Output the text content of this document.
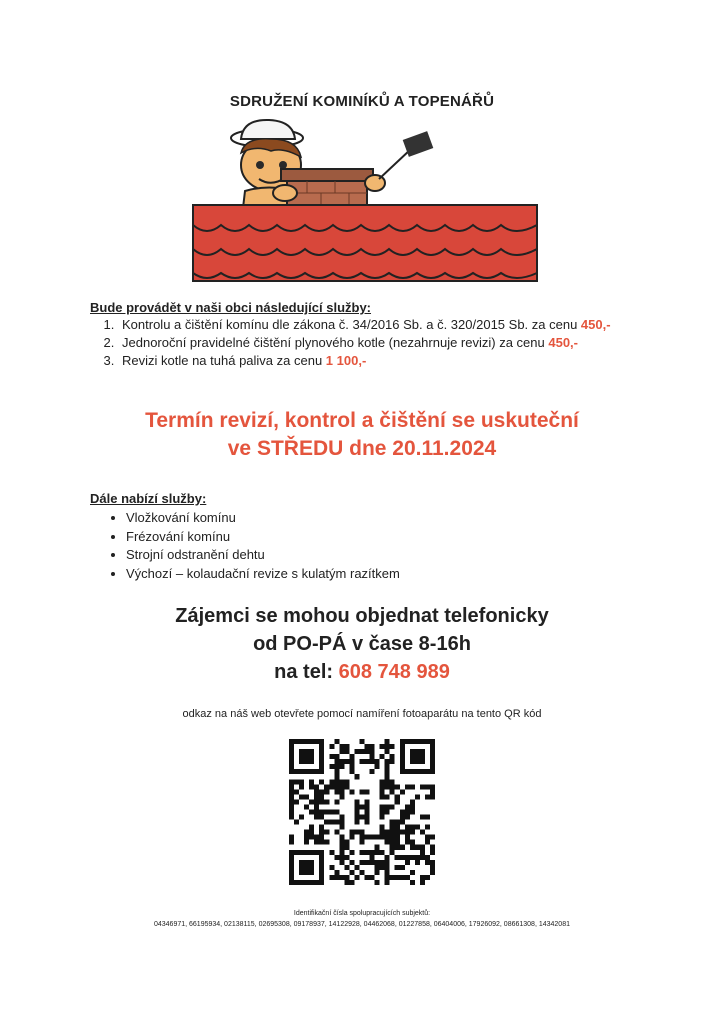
SDRUŽENÍ KOMINÍKŮ A TOPENÁŘŮ
Bude provádět v naši obci následující služby:
1. Kontrolu a čištění komínu dle zákona č. 34/2016 Sb. a č. 320/2015 Sb. za cenu 450,-
2. Jednoroční pravidelné čištění plynového kotle (nezahrnuje revizi) za cenu 450,-
3. Revizi kotle na tuhá paliva za cenu 1 100,-
Termín revizí, kontrol a čištění se uskuteční
ve STŘEDU dne 20.11.2024
Dále nabízí služby:
• Vložkování komínu
• Frézování komínu
• Strojní odstranění dehtu
• Výchozí – kolaudační revize s kulatým razítkem
Zájemci se mohou objednat telefonicky
od PO-PÁ v čase 8-16h
na tel: 608 748 989
odkaz na náš web otevřete pomocí namíření fotoaparátu na tento QR kód
Identifikační čísla spolupracujících subjektů:
04346971, 66195934, 02138115, 02695308, 09178937, 14122928, 04462068, 01227858, 06404006, 17926092, 08661308, 14342081
